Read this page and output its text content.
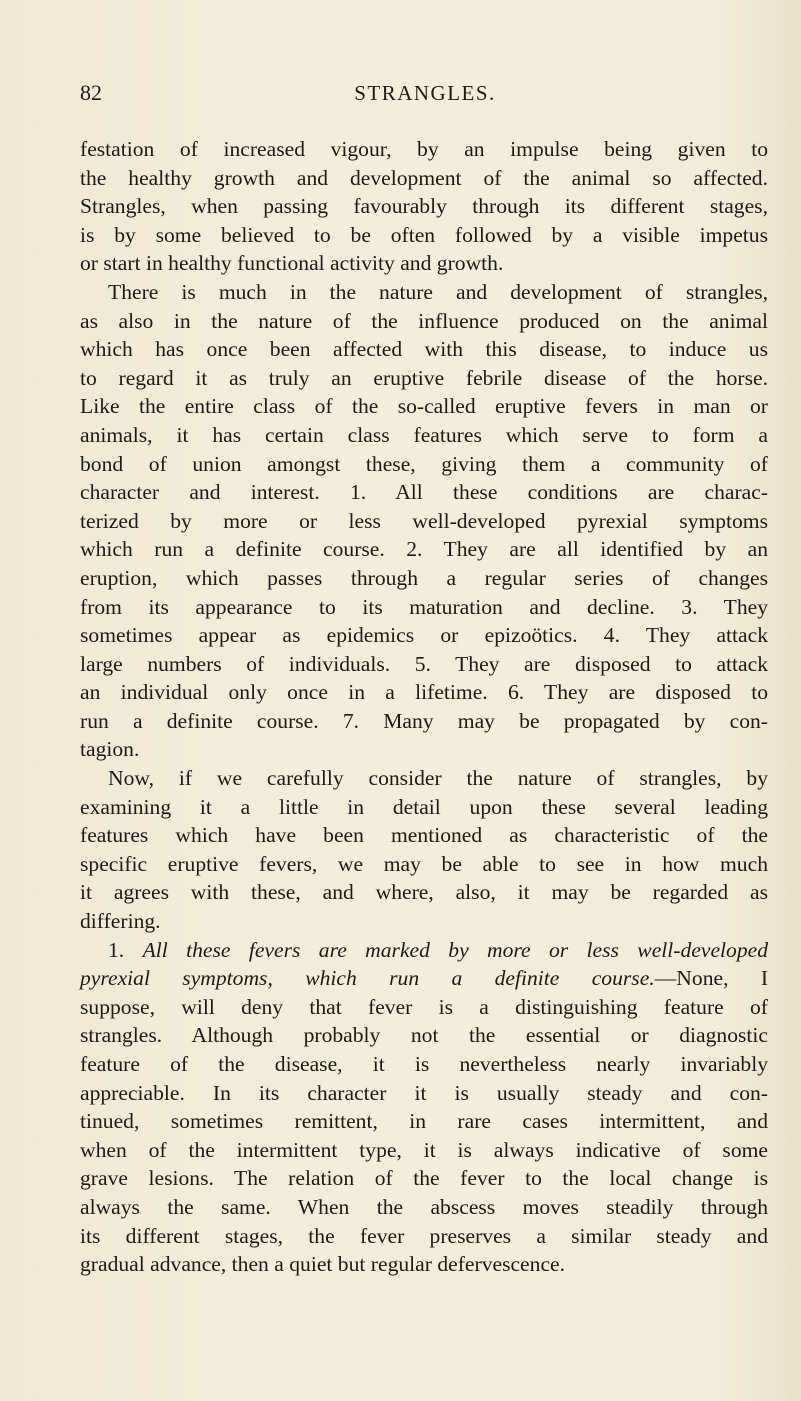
82	STRANGLES.
festation of increased vigour, by an impulse being given to
the healthy growth and development of the animal so affected.
Strangles, when passing favourably through its different stages,
is by some believed to be often followed by a visible impetus
or start in healthy functional activity and growth.
There is much in the nature and development of strangles,
as also in the nature of the influence produced on the animal
which has once been affected with this disease, to induce us
to regard it as truly an eruptive febrile disease of the horse.
Like the entire class of the so-called eruptive fevers in man or
animals, it has certain class features which serve to form a
bond of union amongst these, giving them a community of
character and interest. 1. All these conditions are charac-
terized by more or less well-developed pyrexial symptoms
which run a definite course. 2. They are all identified by an
eruption, which passes through a regular series of changes
from its appearance to its maturation and decline. 3. They
sometimes appear as epidemics or epizoötics. 4. They attack
large numbers of individuals. 5. They are disposed to attack
an individual only once in a lifetime. 6. They are disposed to
run a definite course. 7. Many may be propagated by con-
tagion.
Now, if we carefully consider the nature of strangles, by
examining it a little in detail upon these several leading
features which have been mentioned as characteristic of the
specific eruptive fevers, we may be able to see in how much
it agrees with these, and where, also, it may be regarded as
differing.
1. All these fevers are marked by more or less well-developed
pyrexial symptoms, which run a definite course.—None, I
suppose, will deny that fever is a distinguishing feature of
strangles. Although probably not the essential or diagnostic
feature of the disease, it is nevertheless nearly invariably
appreciable. In its character it is usually steady and con-
tinued, sometimes remittent, in rare cases intermittent, and
when of the intermittent type, it is always indicative of some
grave lesions. The relation of the fever to the local change is
always the same. When the abscess moves steadily through
its different stages, the fever preserves a similar steady and
gradual advance, then a quiet but regular defervescence.
